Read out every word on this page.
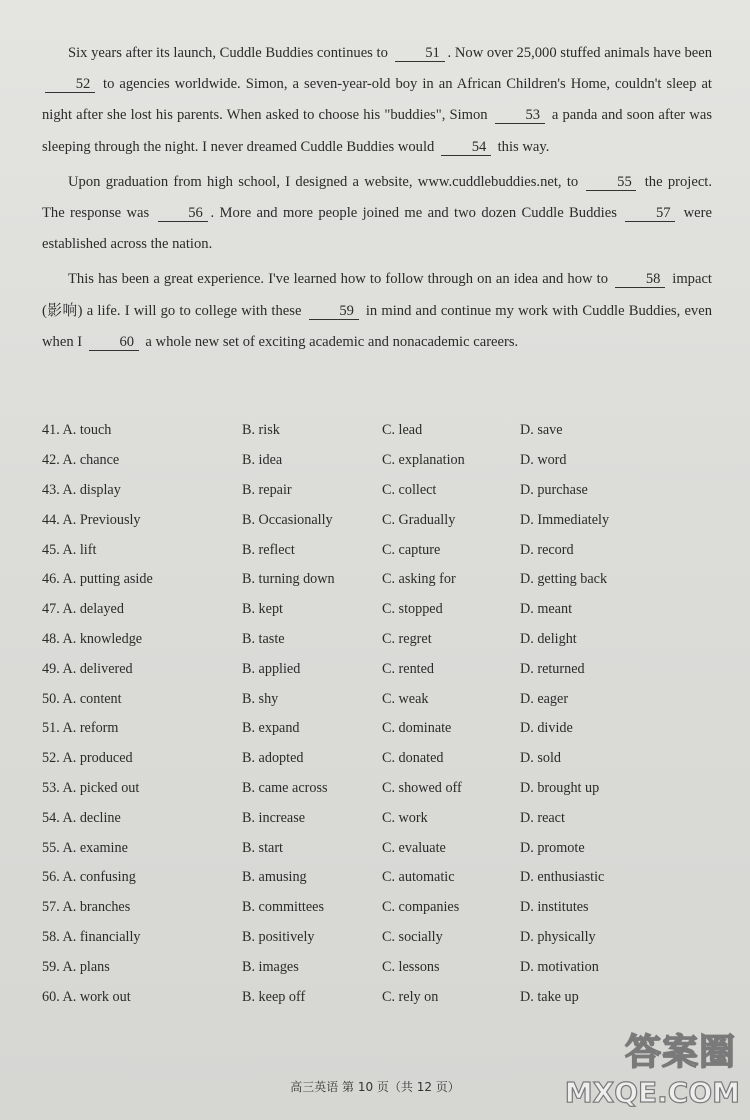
Six years after its launch, Cuddle Buddies continues to 51 . Now over 25,000 stuffed animals have been 52 to agencies worldwide. Simon, a seven-year-old boy in an African Children's Home, couldn't sleep at night after she lost his parents. When asked to choose his "buddies", Simon 53 a panda and soon after was sleeping through the night. I never dreamed Cuddle Buddies would 54 this way.

Upon graduation from high school, I designed a website, www.cuddlebuddies.net, to 55 the project. The response was 56 . More and more people joined me and two dozen Cuddle Buddies 57 were established across the nation.

This has been a great experience. I've learned how to follow through on an idea and how to 58 impact (影响) a life. I will go to college with these 59 in mind and continue my work with Cuddle Buddies, even when I 60 a whole new set of exciting academic and nonacademic careers.

41. A. touch	B. risk	C. lead	D. save
42. A. chance	B. idea	C. explanation	D. word
43. A. display	B. repair	C. collect	D. purchase
44. A. Previously	B. Occasionally	C. Gradually	D. Immediately
45. A. lift	B. reflect	C. capture	D. record
46. A. putting aside	B. turning down	C. asking for	D. getting back
47. A. delayed	B. kept	C. stopped	D. meant
48. A. knowledge	B. taste	C. regret	D. delight
49. A. delivered	B. applied	C. rented	D. returned
50. A. content	B. shy	C. weak	D. eager
51. A. reform	B. expand	C. dominate	D. divide
52. A. produced	B. adopted	C. donated	D. sold
53. A. picked out	B. came across	C. showed off	D. brought up
54. A. decline	B. increase	C. work	D. react
55. A. examine	B. start	C. evaluate	D. promote
56. A. confusing	B. amusing	C. automatic	D. enthusiastic
57. A. branches	B. committees	C. companies	D. institutes
58. A. financially	B. positively	C. socially	D. physically
59. A. plans	B. images	C. lessons	D. motivation
60. A. work out	B. keep off	C. rely on	D. take up
高三英语 第 10 页（共 12 页）
答案圈
MXQE.COM
